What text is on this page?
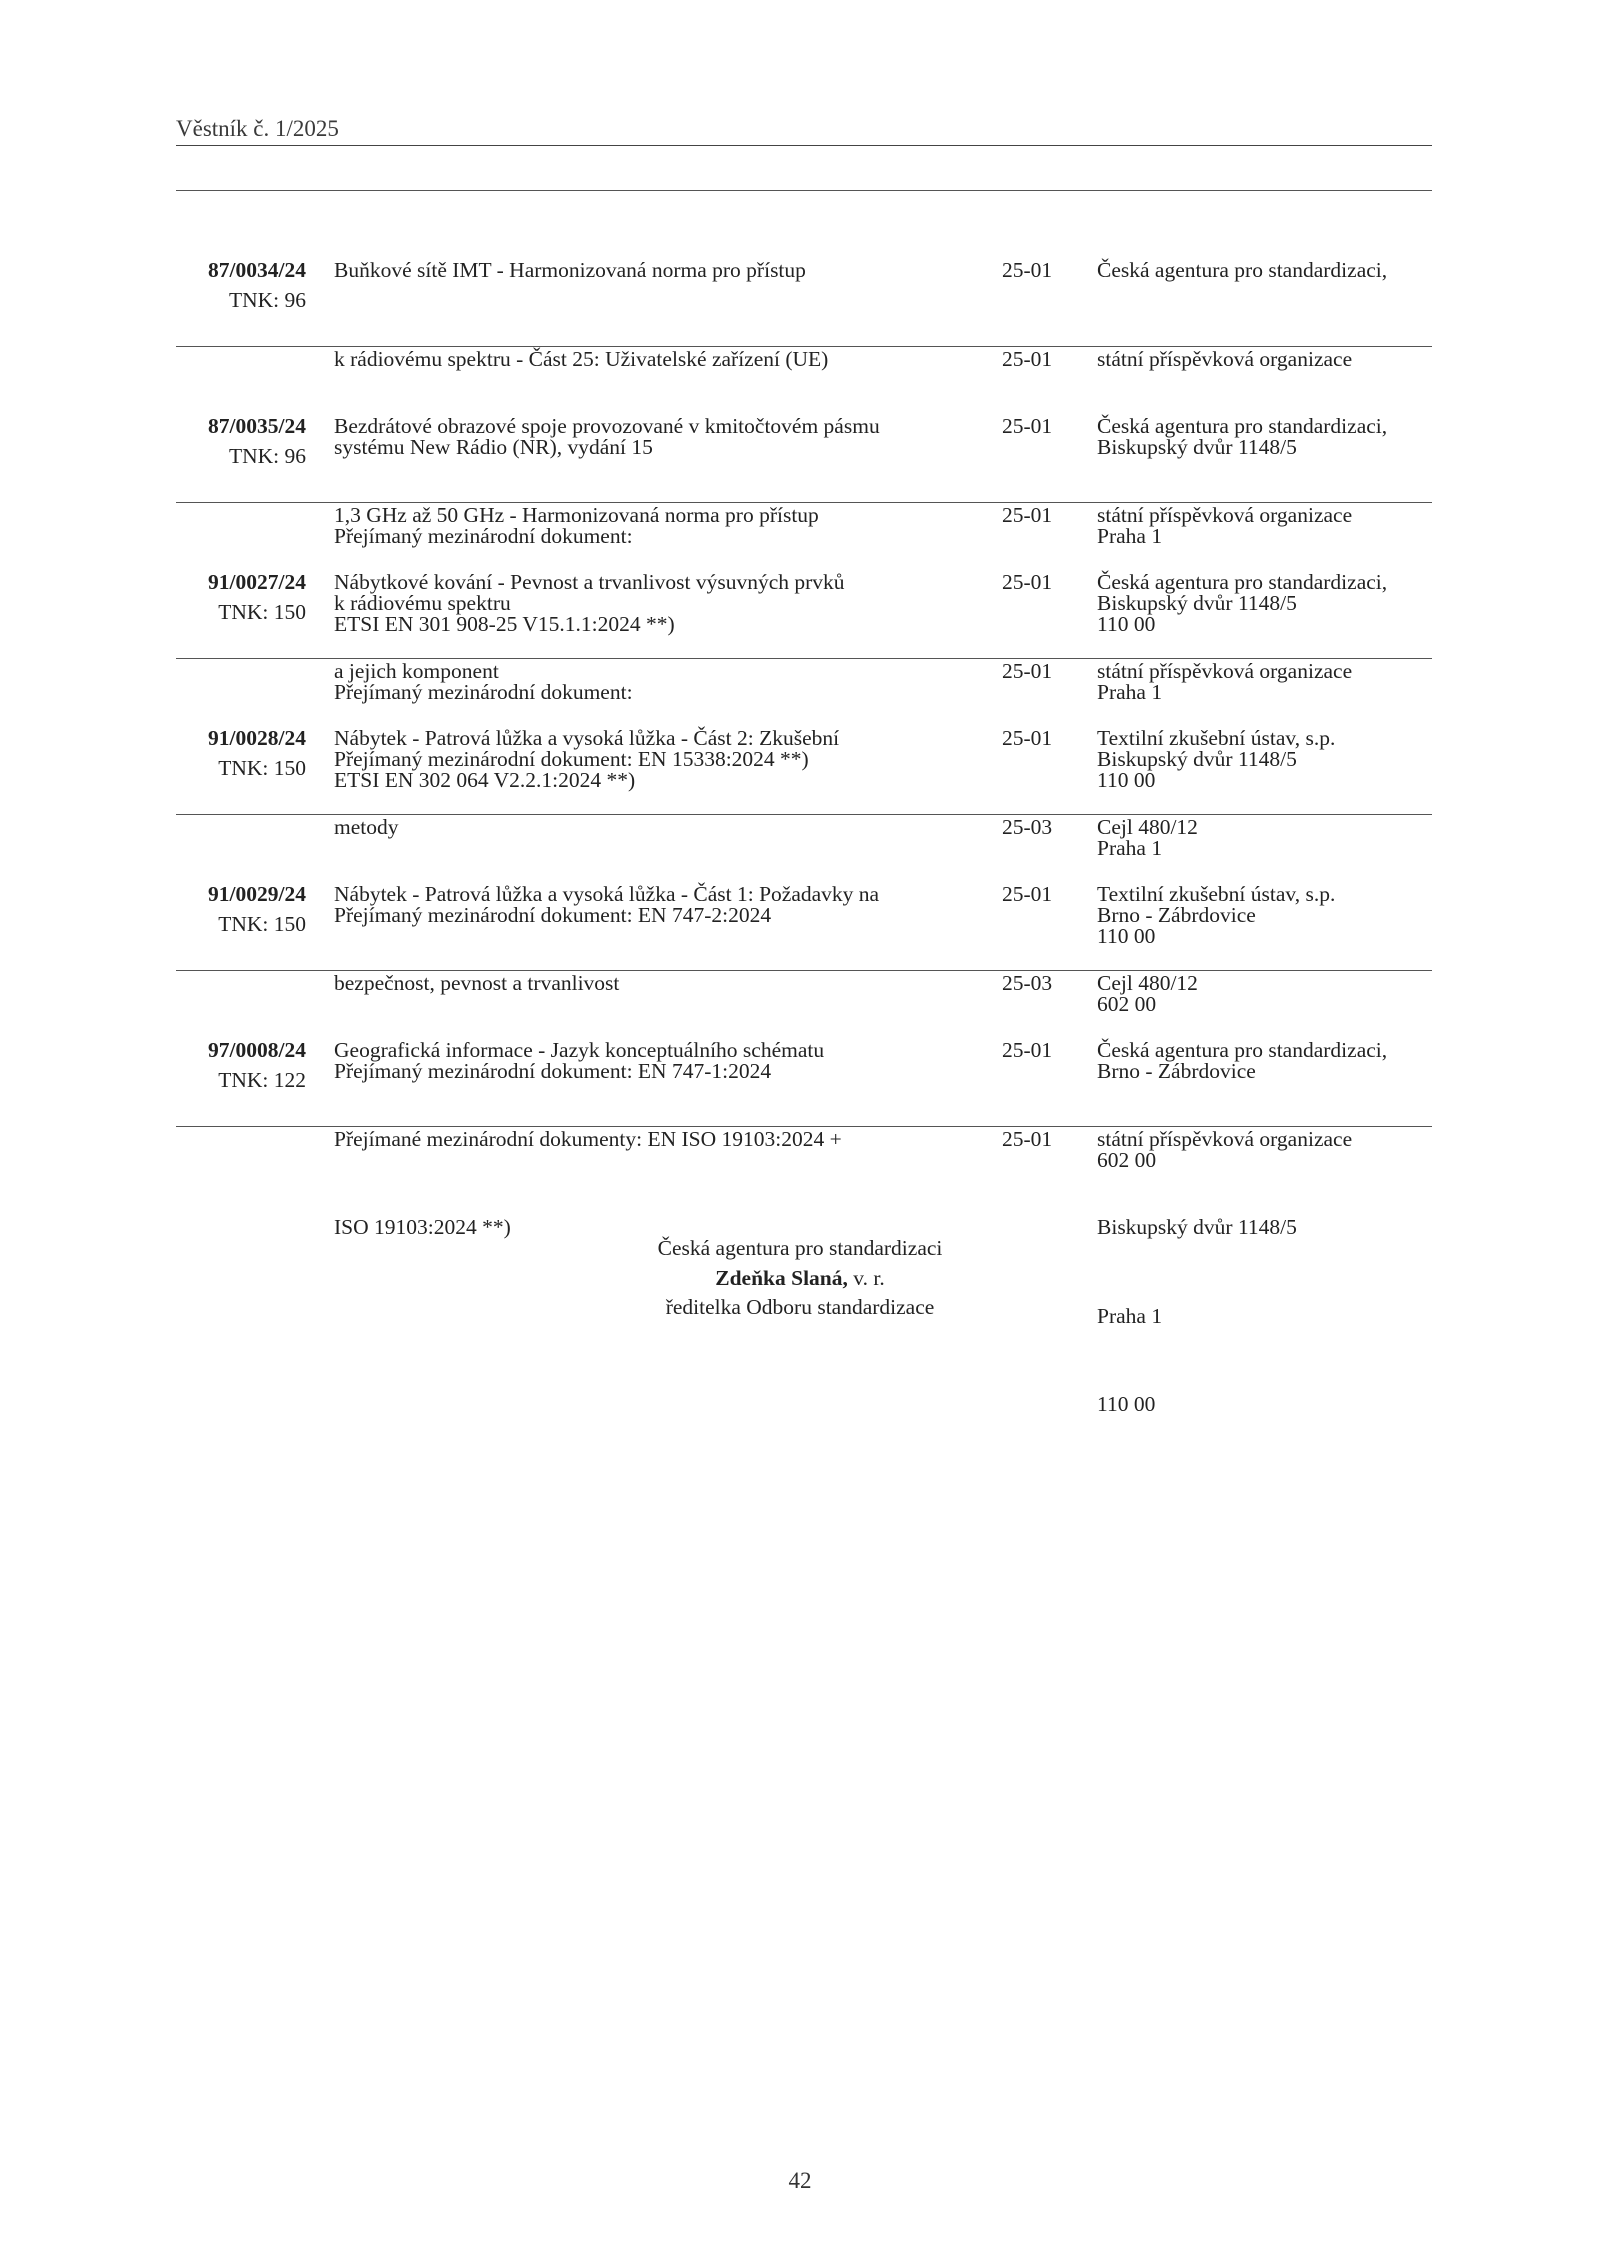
Věstník č. 1/2025

87/0034/24

TNK: 96

Buňkové sítě IMT - Harmonizovaná norma pro přístup

k rádiovému spektru - Část 25: Uživatelské zařízení (UE)

systému New Rádio (NR), vydání 15

Přejímaný mezinárodní dokument:

ETSI EN 301 908-25 V15.1.1:2024 **)

25-01

25-01

Česká agentura pro standardizaci,

státní příspěvková organizace

Biskupský dvůr 1148/5

Praha 1

110 00

87/0035/24

TNK: 96

Bezdrátové obrazové spoje provozované v kmitočtovém pásmu

1,3 GHz až 50 GHz - Harmonizovaná norma pro přístup

k rádiovému spektru

Přejímaný mezinárodní dokument:

ETSI EN 302 064 V2.2.1:2024 **)

25-01

25-01

Česká agentura pro standardizaci,

státní příspěvková organizace

Biskupský dvůr 1148/5

Praha 1

110 00

91/0027/24

TNK: 150

Nábytkové kování - Pevnost a trvanlivost výsuvných prvků

a jejich komponent

Přejímaný mezinárodní dokument: EN 15338:2024 **)

25-01

25-01

Česká agentura pro standardizaci,

státní příspěvková organizace

Biskupský dvůr 1148/5

Praha 1

110 00

91/0028/24

TNK: 150

Nábytek - Patrová lůžka a vysoká lůžka - Část 2: Zkušební

metody

Přejímaný mezinárodní dokument: EN 747-2:2024

25-01

25-03

Textilní zkušební ústav, s.p.

Cejl 480/12

Brno - Zábrdovice

602 00

91/0029/24

TNK: 150

Nábytek - Patrová lůžka a vysoká lůžka - Část 1: Požadavky na

bezpečnost, pevnost a trvanlivost

Přejímaný mezinárodní dokument: EN 747-1:2024

25-01

25-03

Textilní zkušební ústav, s.p.

Cejl 480/12

Brno - Zábrdovice

602 00

97/0008/24

TNK: 122

Geografická informace - Jazyk konceptuálního schématu

Přejímané mezinárodní dokumenty: EN ISO 19103:2024 +

ISO 19103:2024 **)

25-01

25-01

Česká agentura pro standardizaci,

státní příspěvková organizace

Biskupský dvůr 1148/5

Praha 1

110 00

Česká agentura pro standardizaci
Zdeňka Slaná, v. r.
ředitelka Odboru standardizace
42
